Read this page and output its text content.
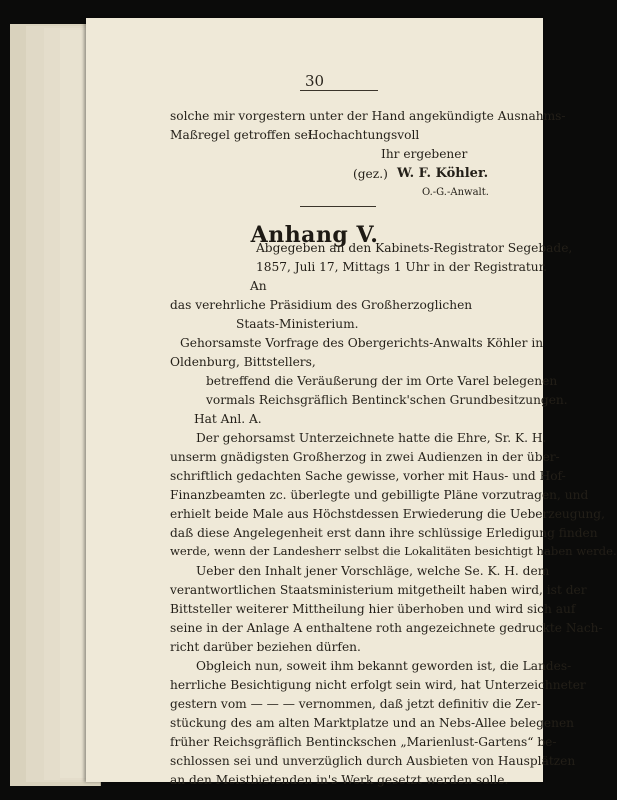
30
solche mir vorgestern unter der Hand angekündigte Ausnahms-
Maßregel getroffen sei.
Hochachtungsvoll
Ihr ergebener
(gez.) W. F. Köhler.
O.-G.-Anwalt.
Anhang V.
Abgegeben an den Kabinets-Registrator Segebade,
1857, Juli 17, Mittags 1 Uhr in der Registratur.
An
das verehrliche Präsidium des Großherzoglichen
Staats-Ministerium.
Gehorsamste Vorfrage des Obergerichts-Anwalts Köhler in
Oldenburg, Bittstellers,
betreffend die Veräußerung der im Orte Varel belegenen
vormals Reichsgräflich Bentinck'schen Grundbesitzungen.
Hat Anl. A.
Der gehorsamst Unterzeichnete hatte die Ehre, Sr. K. H.
unserm gnädigsten Großherzog in zwei Audienzen in der über-
schriftlich gedachten Sache gewisse, vorher mit Haus- und Hof-
Finanzbeamten zc. überlegte und gebilligte Pläne vorzutragen, und
erhielt beide Male aus Höchstdessen Erwiederung die Ueberzeugung,
daß diese Angelegenheit erst dann ihre schlüssige Erledigung finden
werde, wenn der Landesherr selbst die Lokalitäten besichtigt haben werde.
Ueber den Inhalt jener Vorschläge, welche Se. K. H. dem
verantwortlichen Staatsministerium mitgetheilt haben wird, ist der
Bittsteller weiterer Mittheilung hier überhoben und wird sich auf
seine in der Anlage A enthaltene roth angezeichnete gedruckte Nach-
richt darüber beziehen dürfen.
Obgleich nun, soweit ihm bekannt geworden ist, die Landes-
herrliche Besichtigung nicht erfolgt sein wird, hat Unterzeichneter
gestern vom — — — vernommen, daß jetzt definitiv die Zer-
stückung des am alten Marktplatze und an Nebs-Allee belegenen
früher Reichsgräflich Bentinckschen „Marienlust-Gartens“ be-
schlossen sei und unverzüglich durch Ausbieten von Hausplätzen
an den Meistbietenden in's Werk gesetzt werden solle.
